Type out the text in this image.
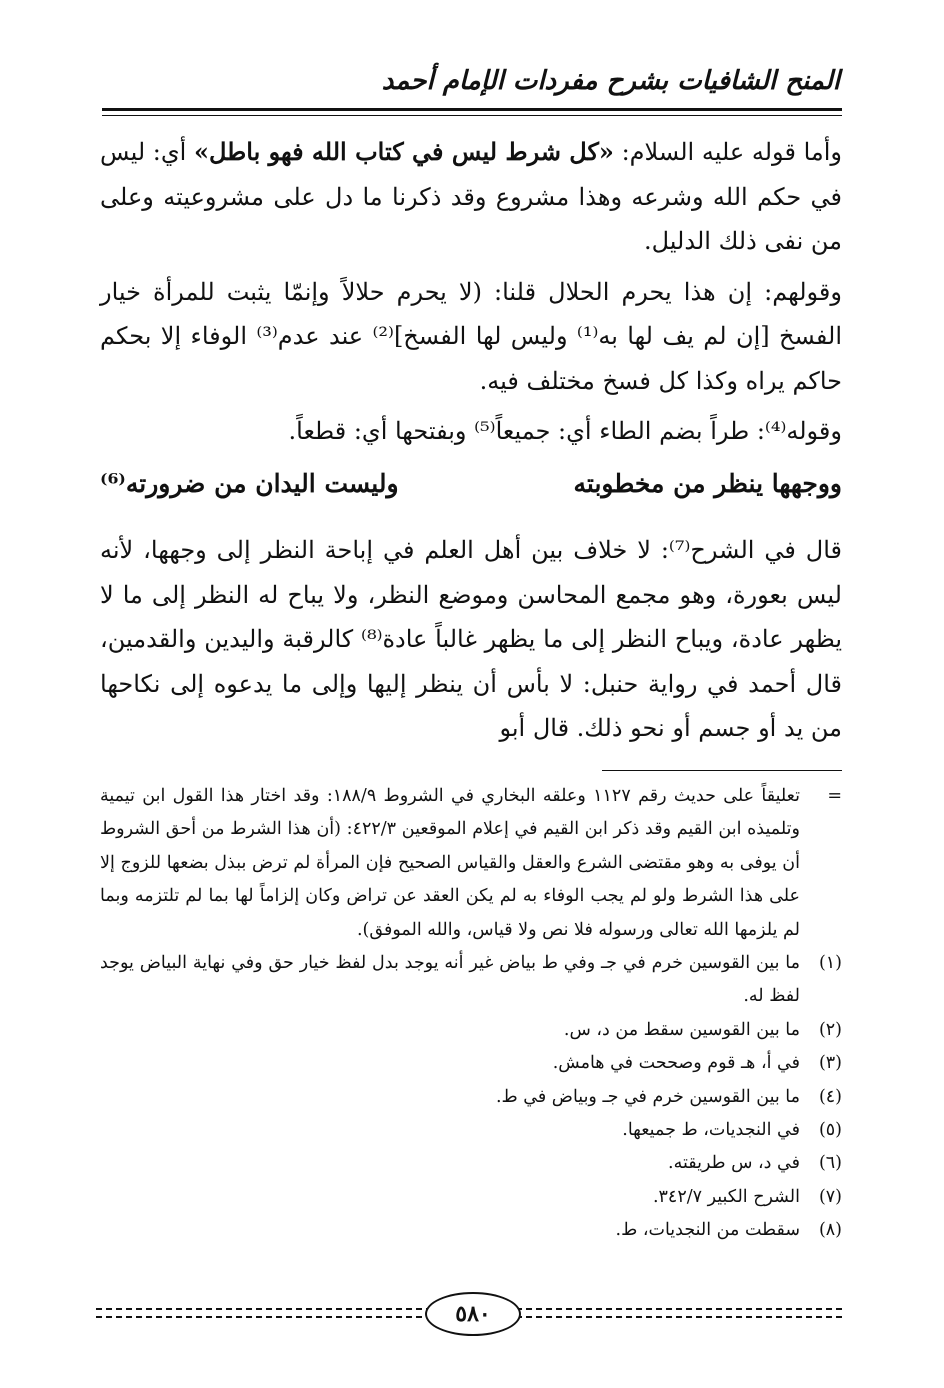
المنح الشافيات بشرح مفردات الإمام أحمد

وأما قوله عليه السلام: «كل شرط ليس في كتاب الله فهو باطل» أي: ليس في حكم الله وشرعه وهذا مشروع وقد ذكرنا ما دل على مشروعيته وعلى من نفى ذلك الدليل.

وقولهم: إن هذا يحرم الحلال قلنا: (لا يحرم حلالاً وإنمّا يثبت للمرأة خيار الفسخ [إن لم يف لها به⁽¹⁾ وليس لها الفسخ]⁽²⁾ عند عدم⁽³⁾ الوفاء إلا بحكم حاكم يراه وكذا كل فسخ مختلف فيه.

وقوله⁽⁴⁾: طراً بضم الطاء أي: جميعاً⁽⁵⁾ وبفتحها أي: قطعاً.

ووجهها ينظر من مخطوبته
وليست اليدان من ضرورته⁽⁶⁾

قال في الشرح⁽⁷⁾: لا خلاف بين أهل العلم في إباحة النظر إلى وجهها، لأنه ليس بعورة، وهو مجمع المحاسن وموضع النظر، ولا يباح له النظر إلى ما لا يظهر عادة، ويباح النظر إلى ما يظهر غالباً عادة⁽⁸⁾ كالرقبة واليدين والقدمين، قال أحمد في رواية حنبل: لا بأس أن ينظر إليها وإلى ما يدعوه إلى نكاحها من يد أو جسم أو نحو ذلك. قال أبو

=
تعليقاً على حديث رقم ١١٢٧ وعلقه البخاري في الشروط ١٨٨/٩: وقد اختار هذا القول ابن تيمية وتلميذه ابن القيم وقد ذكر ابن القيم في إعلام الموقعين ٤٢٢/٣: (أن هذا الشرط من أحق الشروط أن يوفى به وهو مقتضى الشرع والعقل والقياس الصحيح فإن المرأة لم ترض ببذل بضعها للزوج إلا على هذا الشرط ولو لم يجب الوفاء به لم يكن العقد عن تراض وكان إلزاماً لها بما لم تلتزمه وبما لم يلزمها الله تعالى ورسوله فلا نص ولا قياس، والله الموفق).
(١)
ما بين القوسين خرم في جـ وفي ط بياض غير أنه يوجد بدل لفظ خيار حق وفي نهاية البياض يوجد لفظ له.
(٢)
ما بين القوسين سقط من د، س.
(٣)
في أ، هـ قوم وصححت في هامش.
(٤)
ما بين القوسين خرم في جـ وبياض في ط.
(٥)
في النجديات، ط جميعها.
(٦)
في د، س طريقته.
(٧)
الشرح الكبير ٣٤٢/٧.
(٨)
سقطت من النجديات، ط.
٥٨٠
